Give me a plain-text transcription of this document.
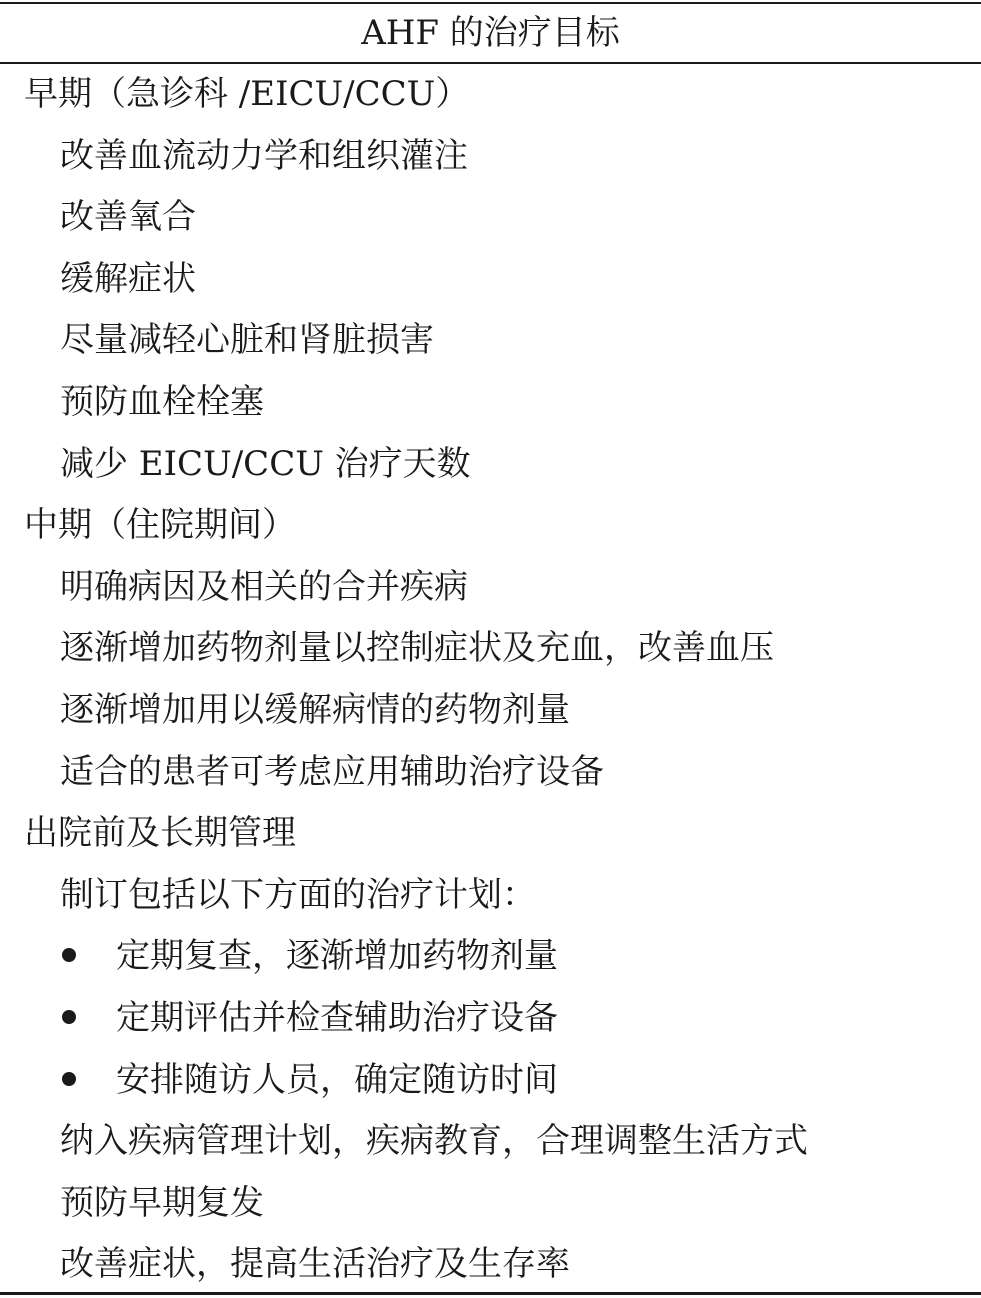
AHF 的治疗目标
早期（急诊科 /EICU/CCU）
改善血流动力学和组织灌注
改善氧合
缓解症状
尽量减轻心脏和肾脏损害
预防血栓栓塞
减少 EICU/CCU 治疗天数
中期（住院期间）
明确病因及相关的合并疾病
逐渐增加药物剂量以控制症状及充血，改善血压
逐渐增加用以缓解病情的药物剂量
适合的患者可考虑应用辅助治疗设备
出院前及长期管理
制订包括以下方面的治疗计划：
定期复查，逐渐增加药物剂量
定期评估并检查辅助治疗设备
安排随访人员，确定随访时间
纳入疾病管理计划，疾病教育，合理调整生活方式
预防早期复发
改善症状，提高生活治疗及生存率
